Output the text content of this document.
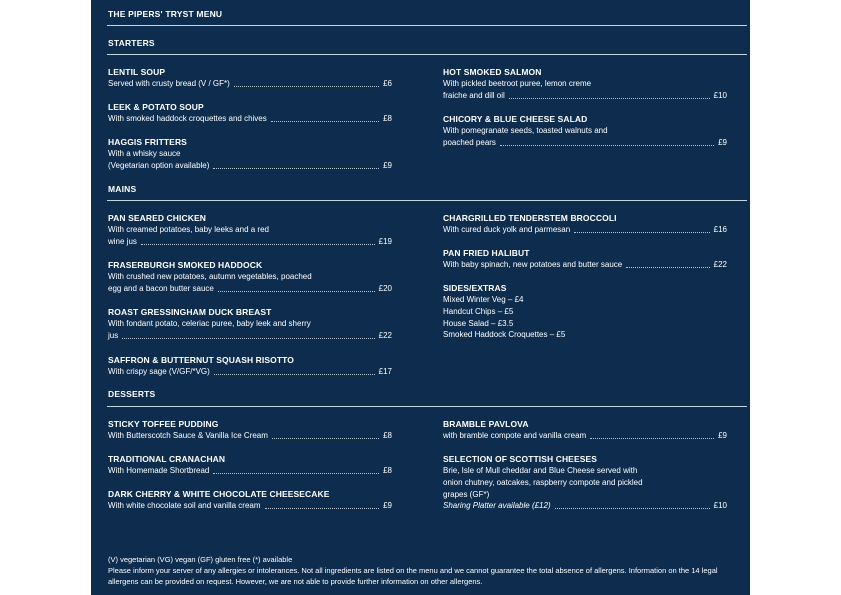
THE PIPERS' TRYST MENU
STARTERS
LENTIL SOUP
Served with crusty bread (V / GF*)	£6
LEEK & POTATO SOUP
With smoked haddock croquettes and chives	£8
HAGGIS FRITTERS
With a whisky sauce
(Vegetarian option available)	£9
HOT SMOKED SALMON
With pickled beetroot puree, lemon creme
fraiche and dill oil	£10
CHICORY & BLUE CHEESE SALAD
With pomegranate seeds, toasted walnuts and
poached pears	£9
MAINS
PAN SEARED CHICKEN
With creamed potatoes, baby leeks and a red
wine jus	£19
FRASERBURGH SMOKED HADDOCK
With crushed new potatoes, autumn vegetables, poached
egg and a bacon butter sauce	£20
ROAST GRESSINGHAM DUCK BREAST
With fondant potato, celeriac puree, baby leek and sherry
jus	£22
SAFFRON & BUTTERNUT SQUASH RISOTTO
With crispy sage (V/GF/*VG)	£17
CHARGRILLED TENDERSTEM BROCCOLI
With cured duck yolk and parmesan	£16
PAN FRIED HALIBUT
With baby spinach, new potatoes and butter sauce	£22
SIDES/EXTRAS
Mixed Winter Veg – £4
Handcut Chips – £5
House Salad – £3.5
Smoked Haddock Croquettes – £5
DESSERTS
STICKY TOFFEE PUDDING
With Butterscotch Sauce & Vanilla Ice Cream	£8
TRADITIONAL CRANACHAN
With Homemade Shortbread	£8
DARK CHERRY & WHITE CHOCOLATE CHEESECAKE
With white chocolate soil and vanilla cream	£9
BRAMBLE PAVLOVA
with bramble compote and vanilla cream	£9
SELECTION OF SCOTTISH CHEESES
Brie, Isle of Mull cheddar and Blue Cheese served with
onion chutney, oatcakes, raspberry compote and pickled
grapes (GF*)
Sharing Platter available (£12)	£10
(V) vegetarian (VG) vegan (GF) gluten free (*) available
Please inform your server of any allergies or intolerances. Not all ingredients are listed on the menu and we cannot guarantee the total absence of allergens. Information on the 14 legal allergens can be provided on request. However, we are not able to provide further information on other allergens.
